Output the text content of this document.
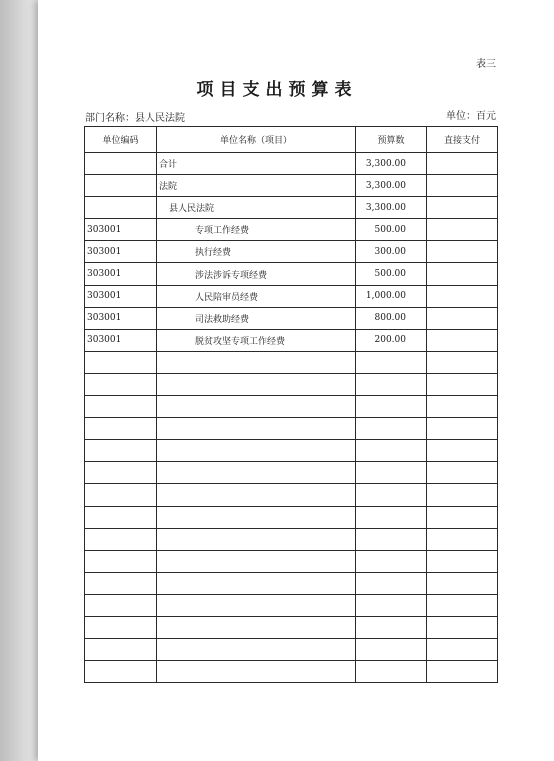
表三
项目支出预算表
部门名称：县人民法院	单位：百元
单位编码	单位名称（项目）	预算数	直接支付
	合计	3,300.00	
	法院	3,300.00	
	县人民法院	3,300.00	
303001	专项工作经费	500.00	
303001	执行经费	300.00	
303001	涉法涉诉专项经费	500.00	
303001	人民陪审员经费	1,000.00	
303001	司法救助经费	800.00	
303001	脱贫攻坚专项工作经费	200.00	
